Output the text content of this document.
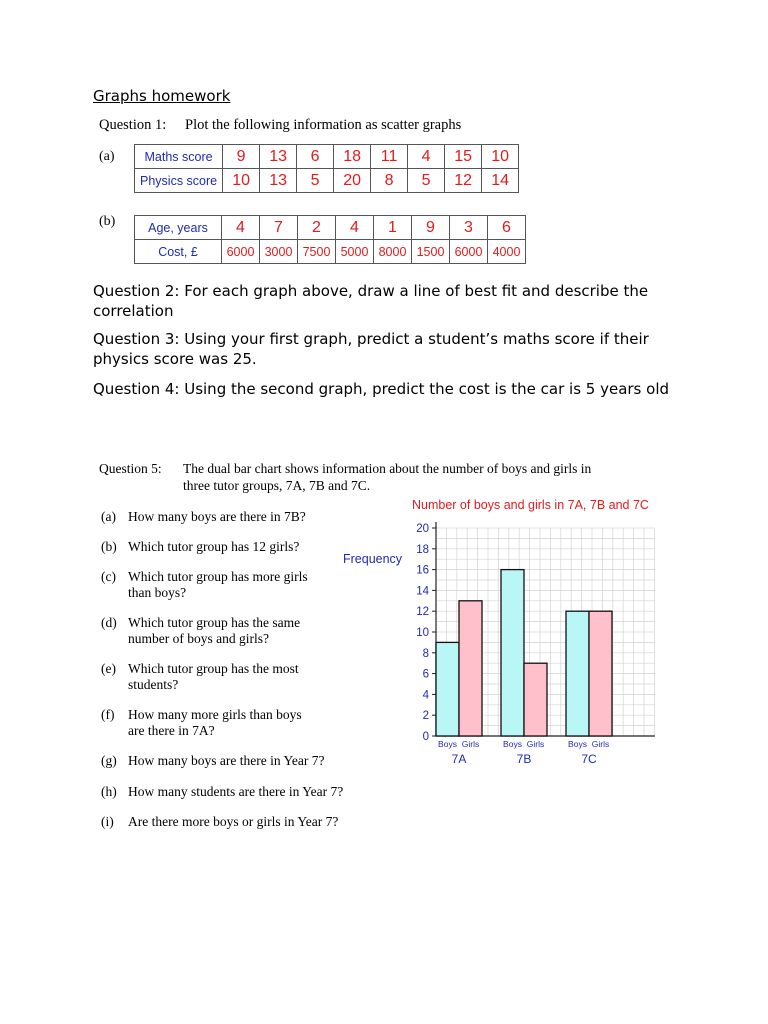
Graphs homework

Question 1: Plot the following information as scatter graphs
(a) Maths score	9	13	6	18	11	4	15	10
Physics score	10	13	5	20	8	5	12	14
(b)	Age, years	4	7	2	4	1	9	3	6
Cost, £	6000	3000	7500	5000	8000	1500	6000	4000

Question 2: For each graph above, draw a line of best fit and describe the correlation

Question 3: Using your first graph, predict a student’s maths score if their physics score was 25.

Question 4: Using the second graph, predict the cost is the car is 5 years old

Question 5: The dual bar chart shows information about the number of boys and girls in
three tutor groups, 7A, 7B and 7C.
(a) How many boys are there in 7B?
(b) Which tutor group has 12 girls?
(c) Which tutor group has more girls
than boys?
(d) Which tutor group has the same
number of boys and girls?
(e) Which tutor group has the most
students?
(f) How many more girls than boys
are there in 7A?
(g) How many boys are there in Year 7?
(h) How many students are there in Year 7?
(i) Are there more boys or girls in Year 7?
Number of boys and girls in 7A, 7B and 7C
Frequency
0
2
4
6
8
10
12
14
16
18
20
Boys Girls
7A
Boys Girls
7B
Boys Girls
7C
